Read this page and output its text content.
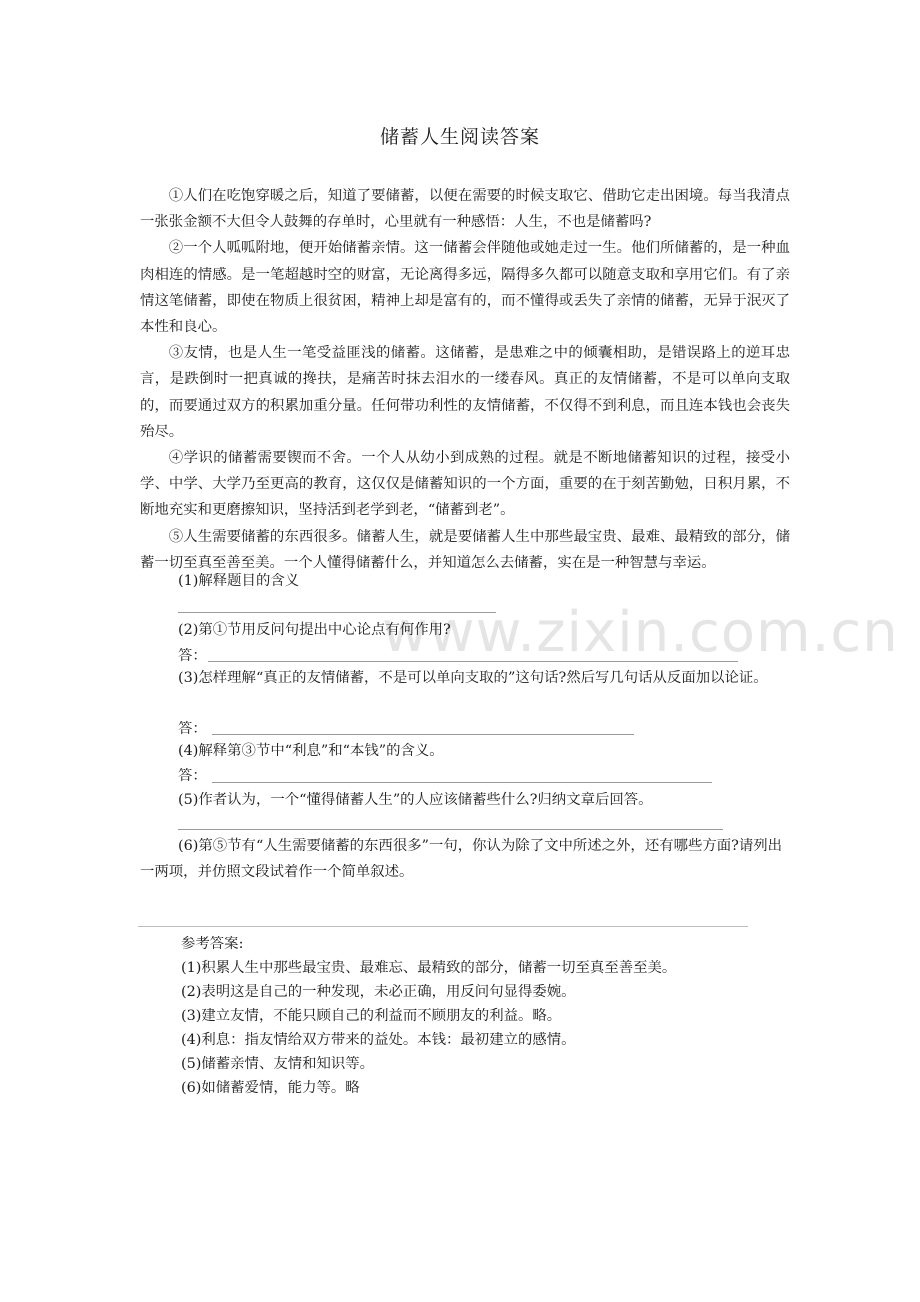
储蓄人生阅读答案
www.zixin.com.cn

①人们在吃饱穿暖之后，知道了要储蓄，以便在需要的时候支取它、借助它走出困境。每当我清点一张张金额不大但令人鼓舞的存单时，心里就有一种感悟：人生，不也是储蓄吗?

②一个人呱呱附地，便开始储蓄亲情。这一储蓄会伴随他或她走过一生。他们所储蓄的，是一种血肉相连的情感。是一笔超越时空的财富，无论离得多远，隔得多久都可以随意支取和享用它们。有了亲情这笔储蓄，即使在物质上很贫困，精神上却是富有的，而不懂得或丢失了亲情的储蓄，无异于泯灭了本性和良心。

③友情，也是人生一笔受益匪浅的储蓄。这储蓄，是患难之中的倾囊相助，是错误路上的逆耳忠言，是跌倒时一把真诚的搀扶，是痛苦时抹去泪水的一缕春风。真正的友情储蓄，不是可以单向支取的，而要通过双方的积累加重分量。任何带功利性的友情储蓄，不仅得不到利息，而且连本钱也会丧失殆尽。

④学识的储蓄需要锲而不舍。一个人从幼小到成熟的过程。就是不断地储蓄知识的过程，接受小学、中学、大学乃至更高的教育，这仅仅是储蓄知识的一个方面，重要的在于刻苦勤勉，日积月累，不断地充实和更磨擦知识，坚持活到老学到老，“储蓄到老”。

⑤人生需要储蓄的东西很多。储蓄人生，就是要储蓄人生中那些最宝贵、最难、最精致的部分，储蓄一切至真至善至美。一个人懂得储蓄什么，并知道怎么去储蓄，实在是一种智慧与幸运。

(1)解释题目的含义
(2)第①节用反问句提出中心论点有何作用?
答：
(3)怎样理解“真正的友情储蓄，不是可以单向支取的”这句话?然后写几句话从反面加以论证。
答：
(4)解释第③节中“利息”和“本钱”的含义。
答：
(5)作者认为，一个“懂得储蓄人生”的人应该储蓄些什么?归纳文章后回答。
(6)第⑤节有“人生需要储蓄的东西很多”一句，你认为除了文中所述之外，还有哪些方面?请列出一两项，并仿照文段试着作一个简单叙述。
参考答案:
(1)积累人生中那些最宝贵、最难忘、最精致的部分，储蓄一切至真至善至美。
(2)表明这是自己的一种发现，未必正确，用反问句显得委婉。
(3)建立友情，不能只顾自己的利益而不顾朋友的利益。略。
(4)利息：指友情给双方带来的益处。本钱：最初建立的感情。
(5)储蓄亲情、友情和知识等。
(6)如储蓄爱情，能力等。略
